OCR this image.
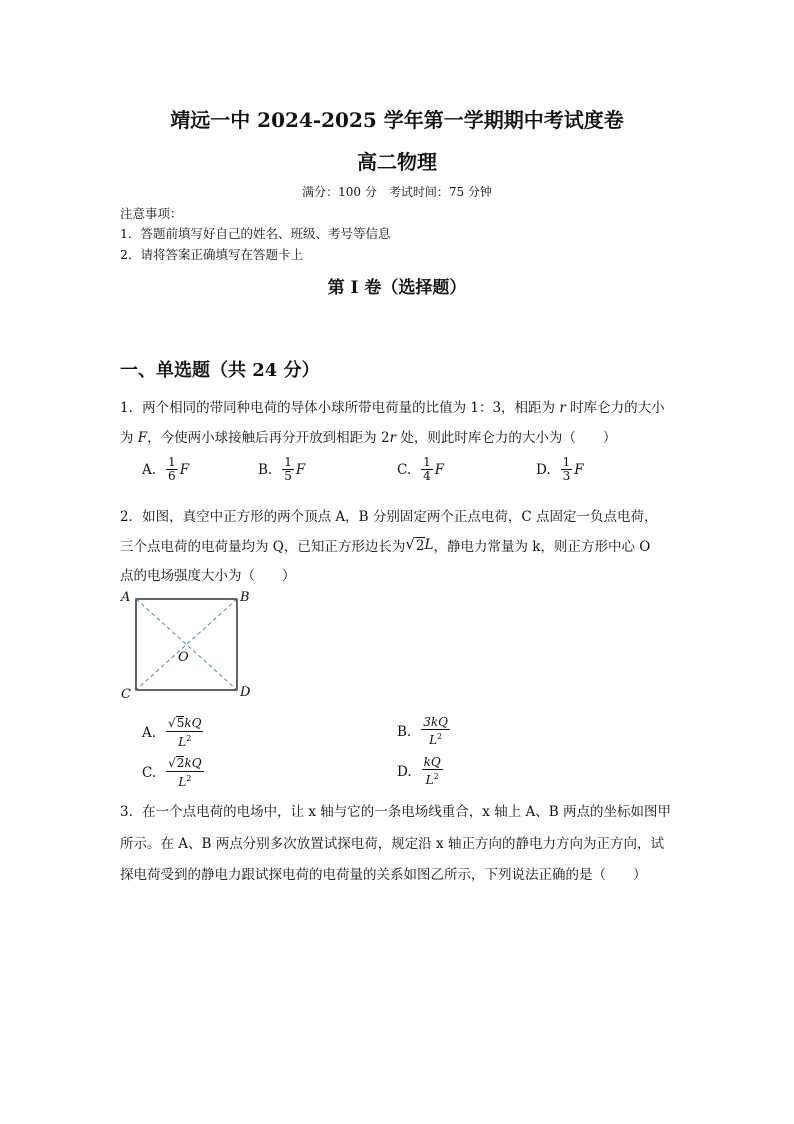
靖远一中 2024-2025 学年第一学期期中考试度卷
高二物理
满分：100 分　考试时间：75 分钟
注意事项：
1．答题前填写好自己的姓名、班级、考号等信息
2．请将答案正确填写在答题卡上
第 I 卷（选择题）
一、单选题（共 24 分）
1．两个相同的带同种电荷的导体小球所带电荷量的比值为 1：3，相距为 r 时库仑力的大小
为 F，今使两小球接触后再分开放到相距为 2r 处，则此时库仑力的大小为（　　）
A. $\frac{1}{6}$ F	B. $\frac{1}{5}$ F	C. $\frac{1}{4}$ F	D. $\frac{1}{3}$ F
2．如图，真空中正方形的两个顶点 A，B 分别固定两个正点电荷，C 点固定一负点电荷，
三个点电荷的电荷量均为 Q，已知正方形边长为 √ 2 L ，静电力常量为 k，则正方形中心 O
点的电场强度大小为（　　）
A	B
C	D
O
A. $\frac{√ 5 kQ}{L^2}$	B. $\frac{3kQ}{L^2}$
C. $\frac{√ 2 kQ}{L^2}$	D. $\frac{kQ}{L^2}$
3．在一个点电荷的电场中，让 x 轴与它的一条电场线重合，x 轴上 A、B 两点的坐标如图甲
所示。在 A、B 两点分别多次放置试探电荷，规定沿 x 轴正方向的静电力方向为正方向，试
探电荷受到的静电力跟试探电荷的电荷量的关系如图乙所示，下列说法正确的是（　　）
